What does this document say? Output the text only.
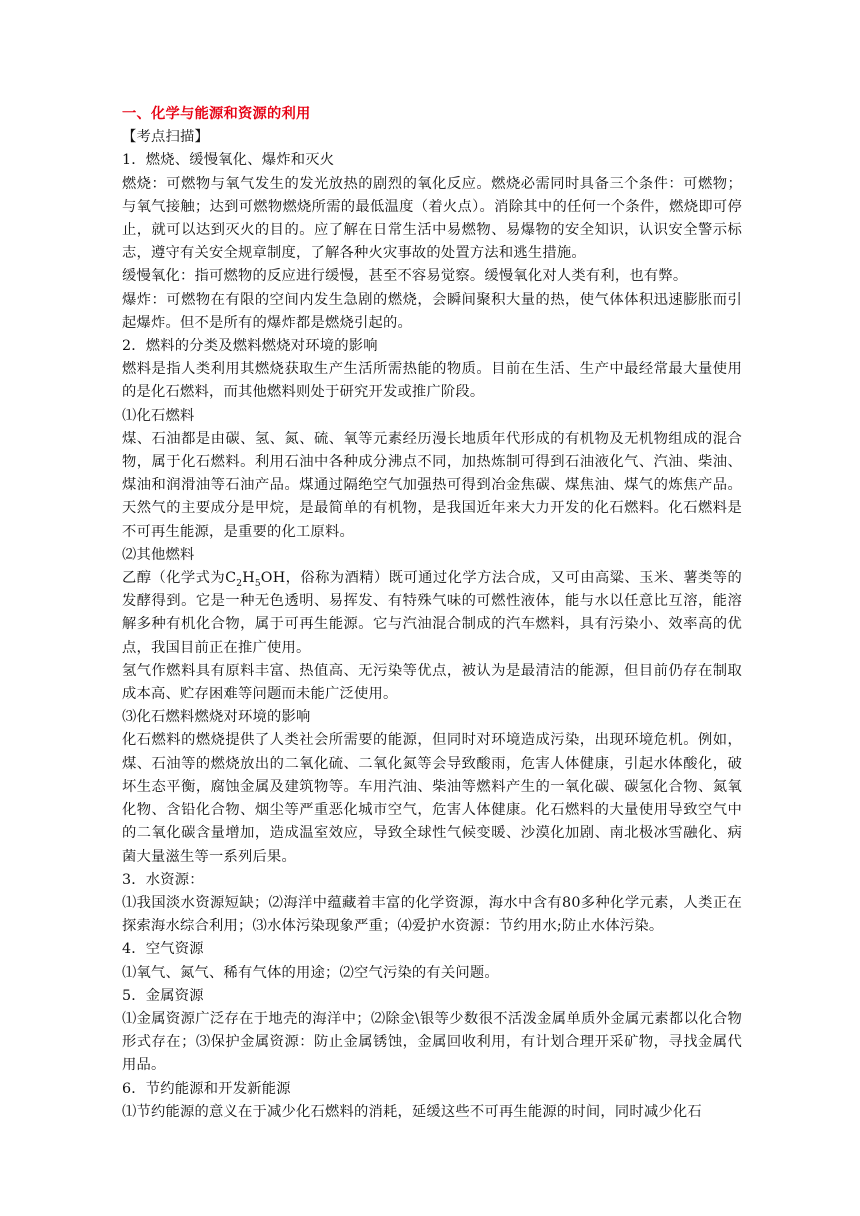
一、化学与能源和资源的利用

【考点扫描】

1．燃烧、缓慢氧化、爆炸和灭火

燃烧：可燃物与氧气发生的发光放热的剧烈的氧化反应。燃烧必需同时具备三个条件：可燃物；与氧气接触；达到可燃物燃烧所需的最低温度（着火点）。消除其中的任何一个条件，燃烧即可停止，就可以达到灭火的目的。应了解在日常生活中易燃物、易爆物的安全知识，认识安全警示标志，遵守有关安全规章制度，了解各种火灾事故的处置方法和逃生措施。

缓慢氧化：指可燃物的反应进行缓慢，甚至不容易觉察。缓慢氧化对人类有利，也有弊。

爆炸：可燃物在有限的空间内发生急剧的燃烧，会瞬间聚积大量的热，使气体体积迅速膨胀而引起爆炸。但不是所有的爆炸都是燃烧引起的。

2．燃料的分类及燃料燃烧对环境的影响

燃料是指人类利用其燃烧获取生产生活所需热能的物质。目前在生活、生产中最经常最大量使用的是化石燃料，而其他燃料则处于研究开发或推广阶段。

⑴化石燃料

煤、石油都是由碳、氢、氮、硫、氧等元素经历漫长地质年代形成的有机物及无机物组成的混合物，属于化石燃料。利用石油中各种成分沸点不同，加热炼制可得到石油液化气、汽油、柴油、煤油和润滑油等石油产品。煤通过隔绝空气加强热可得到冶金焦碳、煤焦油、煤气的炼焦产品。天然气的主要成分是甲烷，是最简单的有机物，是我国近年来大力开发的化石燃料。化石燃料是不可再生能源，是重要的化工原料。

⑵其他燃料

乙醇（化学式为$C_2H_5OH$，俗称为酒精）既可通过化学方法合成，又可由高粱、玉米、薯类等的发酵得到。它是一种无色透明、易挥发、有特殊气味的可燃性液体，能与水以任意比互溶，能溶解多种有机化合物，属于可再生能源。它与汽油混合制成的汽车燃料，具有污染小、效率高的优点，我国目前正在推广使用。

氢气作燃料具有原料丰富、热值高、无污染等优点，被认为是最清洁的能源，但目前仍存在制取成本高、贮存困难等问题而未能广泛使用。

⑶化石燃料燃烧对环境的影响

化石燃料的燃烧提供了人类社会所需要的能源，但同时对环境造成污染，出现环境危机。例如，煤、石油等的燃烧放出的二氧化硫、二氧化氮等会导致酸雨，危害人体健康，引起水体酸化，破坏生态平衡，腐蚀金属及建筑物等。车用汽油、柴油等燃料产生的一氧化碳、碳氢化合物、氮氧化物、含铅化合物、烟尘等严重恶化城市空气，危害人体健康。化石燃料的大量使用导致空气中的二氧化碳含量增加，造成温室效应，导致全球性气候变暖、沙漠化加剧、南北极冰雪融化、病菌大量滋生等一系列后果。

3．水资源：

⑴我国淡水资源短缺；⑵海洋中蕴藏着丰富的化学资源，海水中含有80多种化学元素，人类正在探索海水综合利用；⑶水体污染现象严重；⑷爱护水资源：节约用水;防止水体污染。

4．空气资源

⑴氧气、氮气、稀有气体的用途；⑵空气污染的有关问题。

5．金属资源

⑴金属资源广泛存在于地壳的海洋中；⑵除金\银等少数很不活泼金属单质外金属元素都以化合物形式存在；⑶保护金属资源：防止金属锈蚀，金属回收利用，有计划合理开采矿物，寻找金属代用品。

6．节约能源和开发新能源

⑴节约能源的意义在于减少化石燃料的消耗，延缓这些不可再生能源的时间，同时减少化石
